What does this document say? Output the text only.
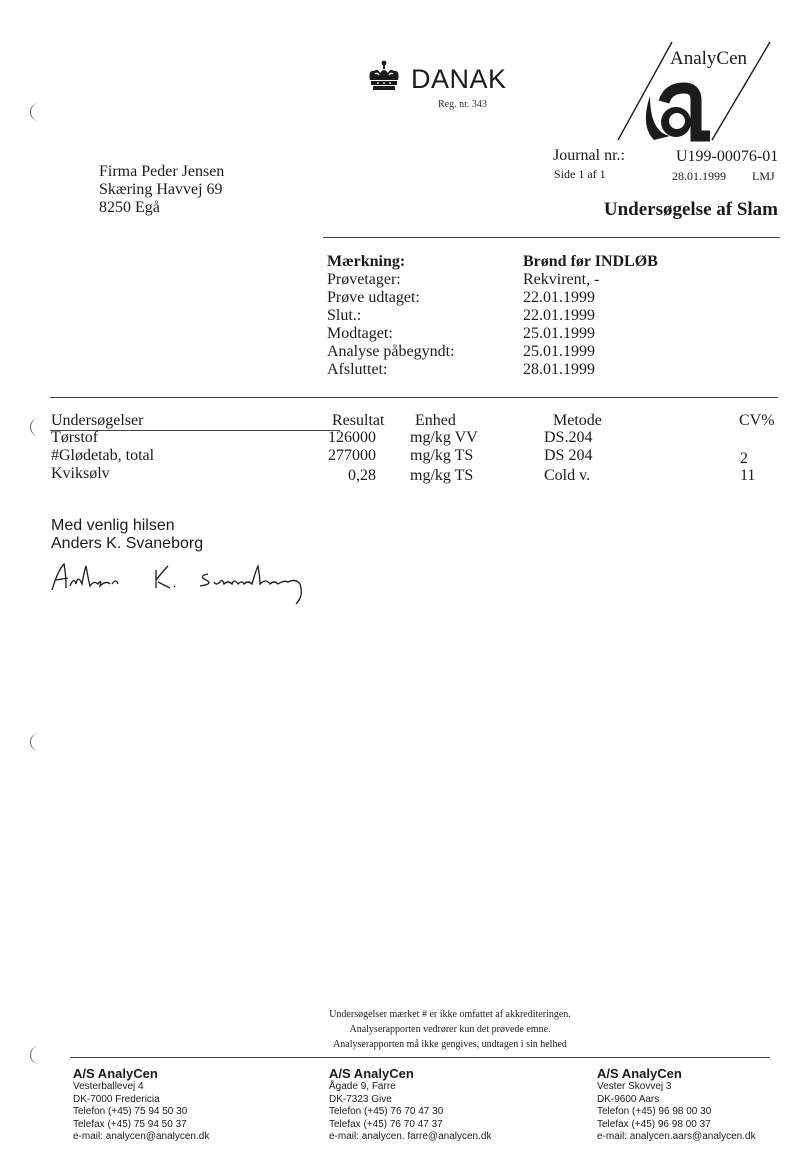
DANAK
Reg. nr. 343
AnalyCen
Journal nr.:	U199-00076-01
Side 1 af 1	28.01.1999 LMJ
Firma Peder Jensen
Skæring Havvej 69
8250 Egå	Undersøgelse af Slam
Mærkning:	Brønd før INDLØB
Prøvetager:	Rekvirent, -
Prøve udtaget:	22.01.1999
Slut.:	22.01.1999
Modtaget:	25.01.1999
Analyse påbegyndt:	25.01.1999
Afsluttet:	28.01.1999
Undersøgelser	Resultat Enhed	Metode	CV%
Tørstof	126000 mg/kg VV	DS.204
#Glødetab, total	277000 mg/kg TS	DS 204	2
Kviksølv	0,28 mg/kg TS	Cold v.	11
Med venlig hilsen
Anders K. Svaneborg
Undersøgelser mærket # er ikke omfattet af akkrediteringen.
Analyserapporten vedrører kun det prøvede emne.
Analyserapporten må ikke gengives, undtagen i sin helhed
A/S AnalyCen
Vesterballevej 4
DK-7000 Fredericia
Telefon (+45) 75 94 50 30
Telefax (+45) 75 94 50 37
e-mail: analycen@analycen.dk
A/S AnalyCen
Ågade 9, Farre
DK-7323 Give
Telefon (+45) 76 70 47 30
Telefax (+45) 76 70 47 37
e-mail: analycen. farre@analycen.dk
A/S AnalyCen
Vester Skovvej 3
DK-9600 Aars
Telefon (+45) 96 98 00 30
Telefax (+45) 96 98 00 37
e-mail: analycen.aars@analycen.dk
